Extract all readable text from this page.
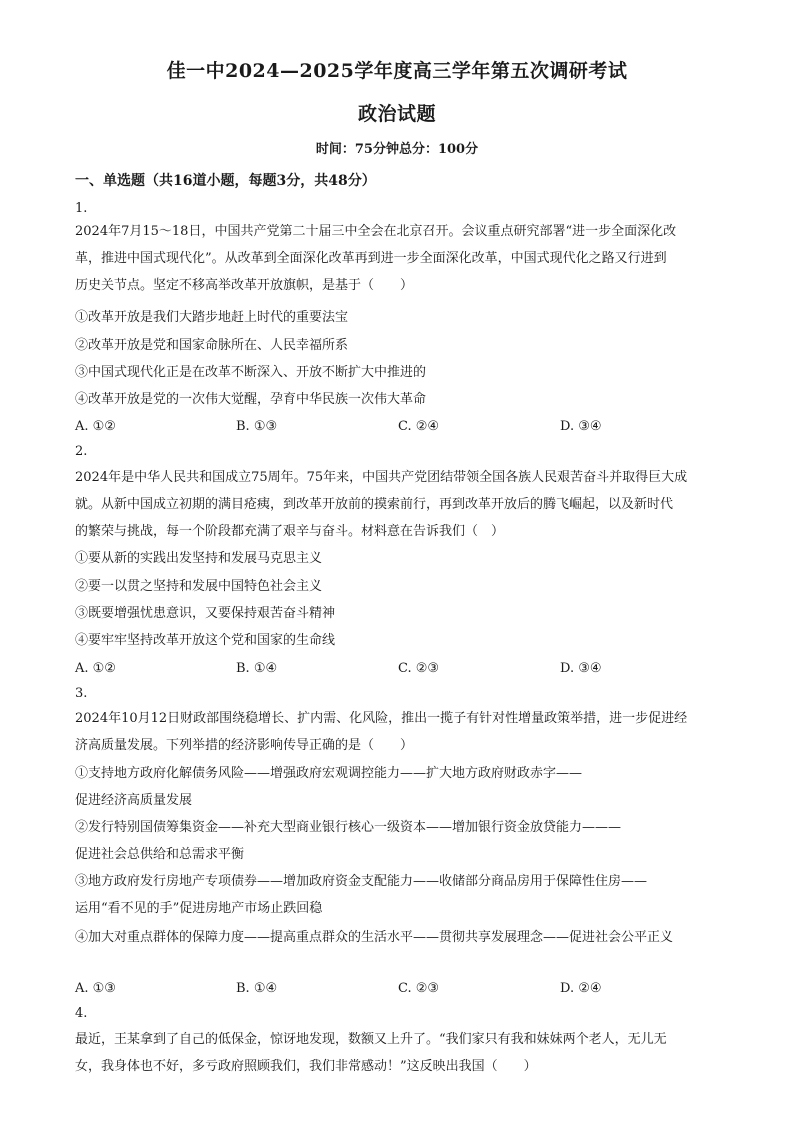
佳一中2024—2025学年度高三学年第五次调研考试
政治试题
时间：75分钟总分：100分
一、单选题（共16道小题，每题3分，共48分）
1.
2024年7月15～18日，中国共产党第二十届三中全会在北京召开。会议重点研究部署“进一步全面深化改
革，推进中国式现代化”。从改革到全面深化改革再到进一步全面深化改革，中国式现代化之路又行进到
历史关节点。坚定不移高举改革开放旗帜，是基于（　　）
①改革开放是我们大踏步地赶上时代的重要法宝
②改革开放是党和国家命脉所在、人民幸福所系
③中国式现代化正是在改革不断深入、开放不断扩大中推进的
④改革开放是党的一次伟大觉醒，孕育中华民族一次伟大革命
A. ①②	B. ①③	C. ②④	D. ③④
2.
2024年是中华人民共和国成立75周年。75年来，中国共产党团结带领全国各族人民艰苦奋斗并取得巨大成
就。从新中国成立初期的满目疮痍，到改革开放前的摸索前行，再到改革开放后的腾飞崛起，以及新时代
的繁荣与挑战，每一个阶段都充满了艰辛与奋斗。材料意在告诉我们（　）
①要从新的实践出发坚持和发展马克思主义
②要一以贯之坚持和发展中国特色社会主义
③既要增强忧患意识，又要保持艰苦奋斗精神
④要牢牢坚持改革开放这个党和国家的生命线
A. ①②	B. ①④	C. ②③	D. ③④
3.
2024年10月12日财政部围绕稳增长、扩内需、化风险，推出一揽子有针对性增量政策举措，进一步促进经
济高质量发展。下列举措的经济影响传导正确的是（　　）
①支持地方政府化解债务风险——增强政府宏观调控能力——扩大地方政府财政赤字——
促进经济高质量发展
②发行特别国债筹集资金——补充大型商业银行核心一级资本——增加银行资金放贷能力———
促进社会总供给和总需求平衡
③地方政府发行房地产专项债券——增加政府资金支配能力——收储部分商品房用于保障性住房——
运用“看不见的手”促进房地产市场止跌回稳
④加大对重点群体的保障力度——提高重点群众的生活水平——贯彻共享发展理念——促进社会公平正义
A. ①③	B. ①④	C. ②③	D. ②④
4.
最近，王某拿到了自己的低保金，惊讶地发现，数额又上升了。“我们家只有我和妹妹两个老人，无儿无
女，我身体也不好，多亏政府照顾我们，我们非常感动！”这反映出我国（　　）
